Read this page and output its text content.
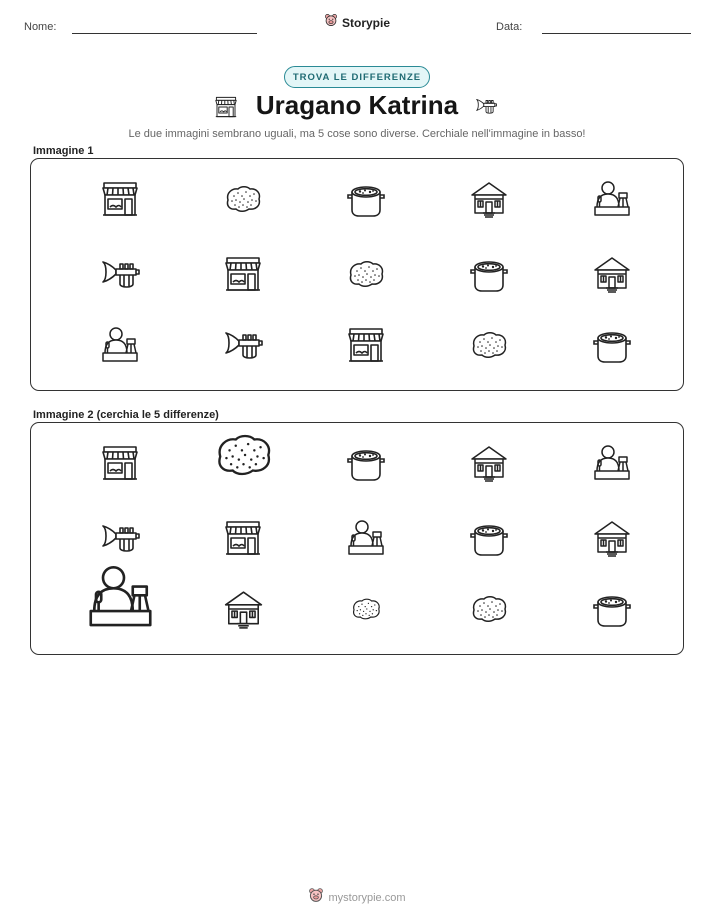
Nome:	Storypie	Data:
TROVA LE DIFFERENZE
Uragano Katrina
Le due immagini sembrano uguali, ma 5 cose sono diverse. Cerchiale nell'immagine in basso!
Immagine 1
Immagine 2 (cerchia le 5 differenze)
mystorypie.com
